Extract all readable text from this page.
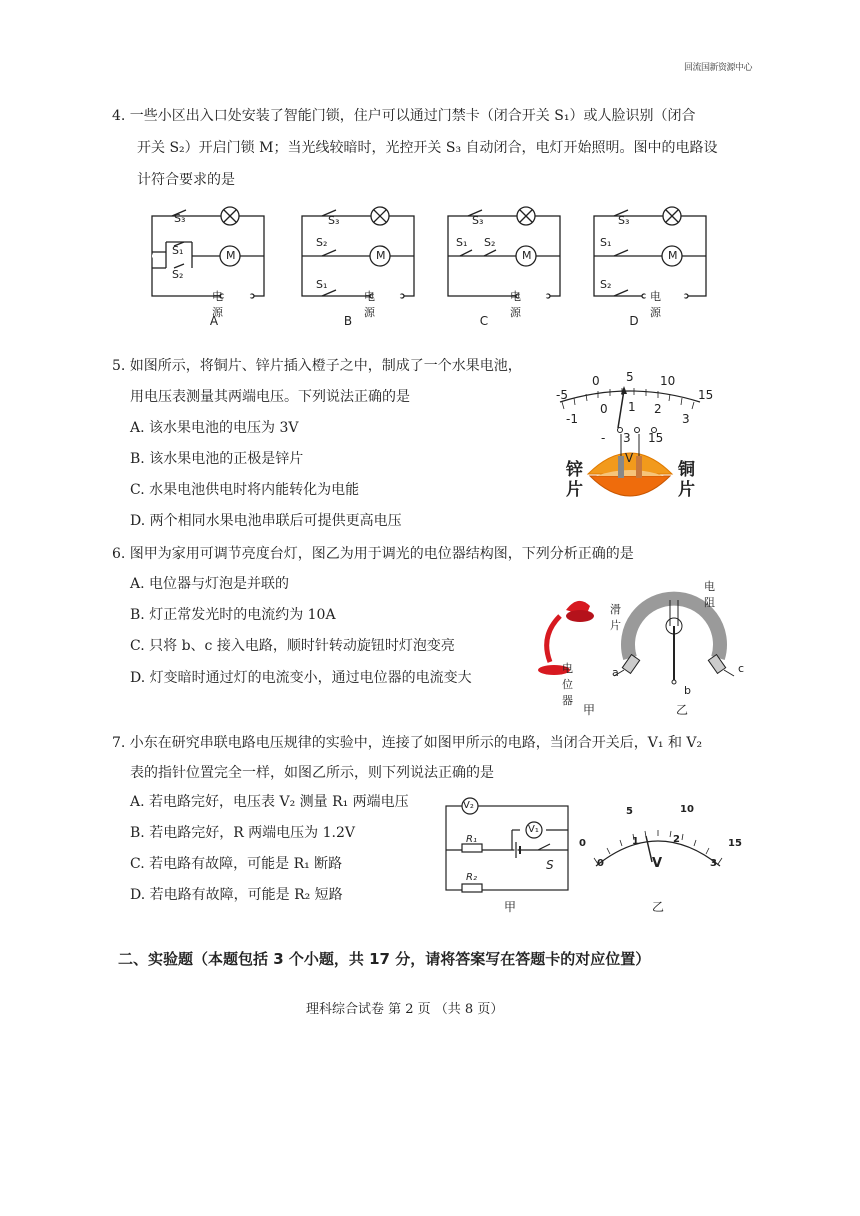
回流国新资源中心
4. 一些小区出入口处安装了智能门锁，住户可以通过门禁卡（闭合开关 S₁）或人脸识别（闭合
开关 S₂）开启门锁 M；当光线较暗时，光控开关 S₃ 自动闭合，电灯开始照明。图中的电路设
计符合要求的是
S₃
S₁
S₂
M
电源
S₃
S₂
M
S₁
电源
S₃
S₁ S₂
M
电源
S₃
S₁
M
S₂
电源
A	B	C	D
5. 如图所示，将铜片、锌片插入橙子之中，制成了一个水果电池，
用电压表测量其两端电压。下列说法正确的是
A. 该水果电池的电压为 3V
B. 该水果电池的正极是锌片
C. 水果电池供电时将内能转化为电能
D. 两个相同水果电池串联后可提供更高电压
-5
0 5 10
15
-1
0 1 2
3
- 3 15
V
锌片
铜片
6. 图甲为家用可调节亮度台灯，图乙为用于调光的电位器结构图，下列分析正确的是
A. 电位器与灯泡是并联的
B. 灯正常发光时的电流约为 10A
C. 只将 b、c 接入电路，顺时针转动旋钮时灯泡变亮
D. 灯变暗时通过灯的电流变小，通过电位器的电流变大
电位器
电阻
滑片
a
b
c
甲	乙
7. 小东在研究串联电路电压规律的实验中，连接了如图甲所示的电路，当闭合开关后，V₁ 和 V₂
表的指针位置完全一样，如图乙所示，则下列说法正确的是
A. 若电路完好，电压表 V₂ 测量 R₁ 两端电压
B. 若电路完好，R 两端电压为 1.2V
C. 若电路有故障，可能是 R₁ 断路
D. 若电路有故障，可能是 R₂ 短路
V₂
V₁
R₁
R₂
S
甲
0
5	10
15
0
1	2
3
V
乙
二、实验题（本题包括 3 个小题，共 17 分，请将答案写在答题卡的对应位置）
理科综合试卷 第 2 页 （共 8 页）
